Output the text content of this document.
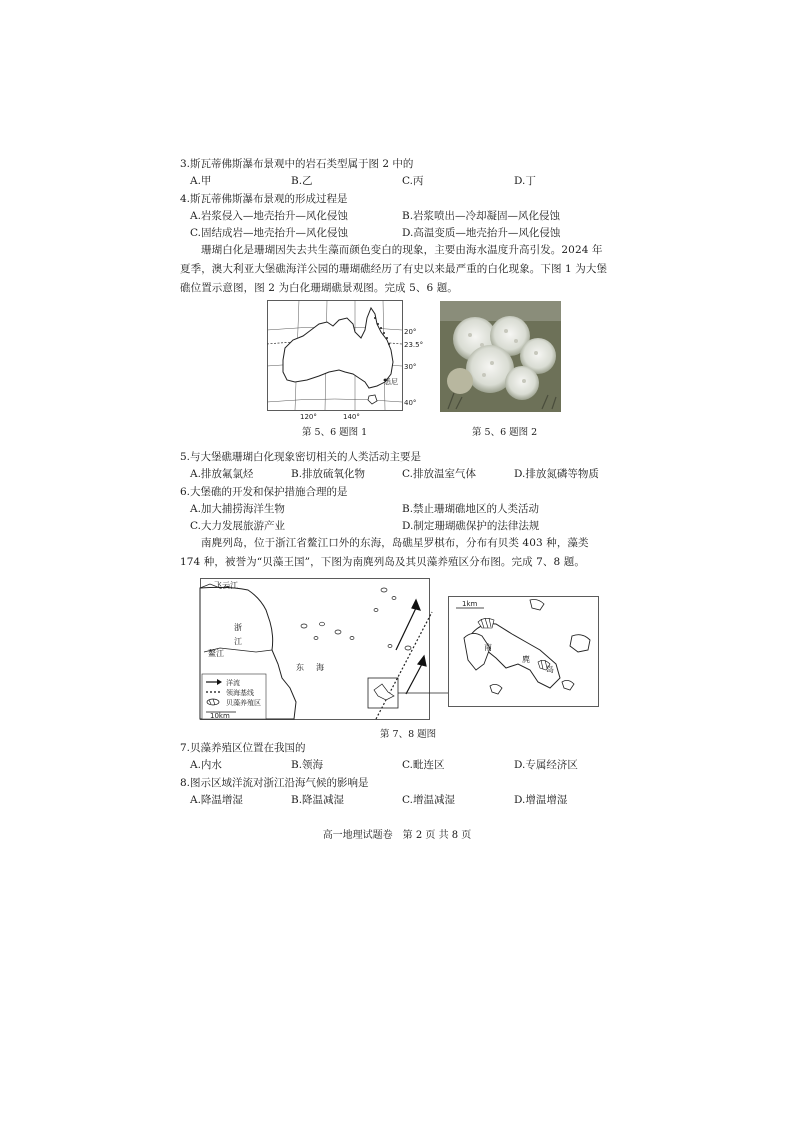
3.斯瓦蒂佛斯瀑布景观中的岩石类型属于图 2 中的
A.甲	B.乙	C.丙	D.丁
4.斯瓦蒂佛斯瀑布景观的形成过程是
A.岩浆侵入—地壳抬升—风化侵蚀	B.岩浆喷出—冷却凝固—风化侵蚀
C.固结成岩—地壳抬升—风化侵蚀	D.高温变质—地壳抬升—风化侵蚀
珊瑚白化是珊瑚因失去共生藻而颜色变白的现象，主要由海水温度升高引发。2024 年夏季，澳大利亚大堡礁海洋公园的珊瑚礁经历了有史以来最严重的白化现象。下图 1 为大堡礁位置示意图，图 2 为白化珊瑚礁景观图。完成 5、6 题。
20°
23.5°
30°
40°
120°	140°
悉尼
第 5、6 题图 1	第 5、6 题图 2
5.与大堡礁珊瑚白化现象密切相关的人类活动主要是
A.排放氟氯烃	B.排放硫氧化物	C.排放温室气体	D.排放氮磷等物质
6.大堡礁的开发和保护措施合理的是
A.加大捕捞海洋生物	B.禁止珊瑚礁地区的人类活动
C.大力发展旅游产业	D.制定珊瑚礁保护的法律法规
南麂列岛，位于浙江省鳌江口外的东海，岛礁星罗棋布，分布有贝类 403 种，藻类 174 种，被誉为“贝藻王国”，下图为南麂列岛及其贝藻养殖区分布图。完成 7、8 题。
飞云江
浙
江
鳌江
东 海
洋流
领海基线
贝藻养殖区
10km
1km
南
麂
岛
第 7、8 题图
7.贝藻养殖区位置在我国的
A.内水	B.领海	C.毗连区	D.专属经济区
8.图示区域洋流对浙江沿海气候的影响是
A.降温增湿	B.降温减湿	C.增温减湿	D.增温增湿
高一地理试题卷　第 2 页 共 8 页
